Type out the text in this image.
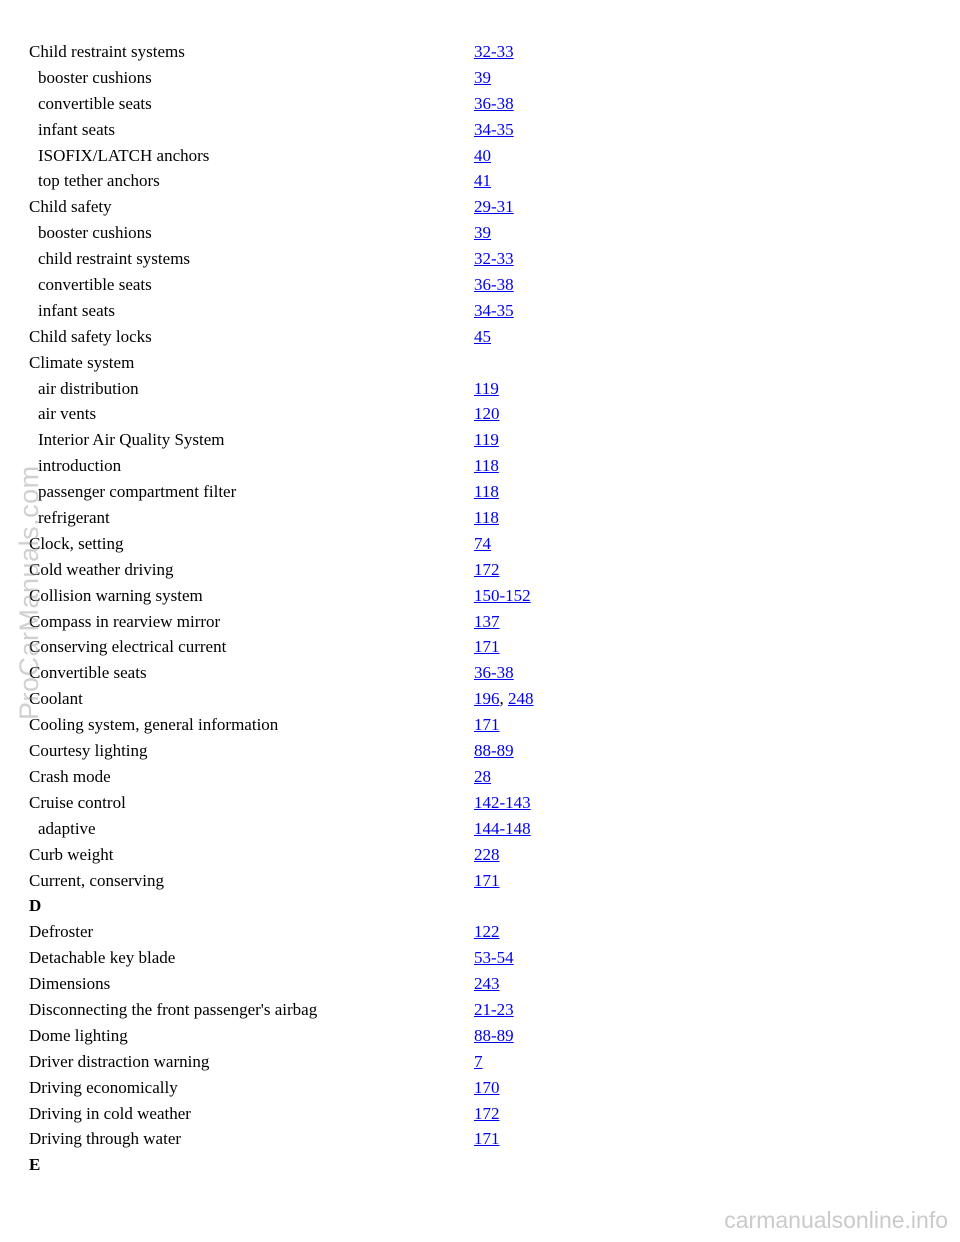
Child restraint systems	32-33
booster cushions	39
convertible seats	36-38
infant seats	34-35
ISOFIX/LATCH anchors	40
top tether anchors	41
Child safety	29-31
booster cushions	39
child restraint systems	32-33
convertible seats	36-38
infant seats	34-35
Child safety locks	45
Climate system
air distribution	119
air vents	120
Interior Air Quality System	119
introduction	118
passenger compartment filter	118
refrigerant	118
Clock, setting	74
Cold weather driving	172
Collision warning system	150-152
Compass in rearview mirror	137
Conserving electrical current	171
Convertible seats	36-38
Coolant	196, 248
Cooling system, general information	171
Courtesy lighting	88-89
Crash mode	28
Cruise control	142-143
adaptive	144-148
Curb weight	228
Current, conserving	171
D
Defroster	122
Detachable key blade	53-54
Dimensions	243
Disconnecting the front passenger's airbag	21-23
Dome lighting	88-89
Driver distraction warning	7
Driving economically	170
Driving in cold weather	172
Driving through water	171
E
ProCarManuals.com
carmanualsonline.info
